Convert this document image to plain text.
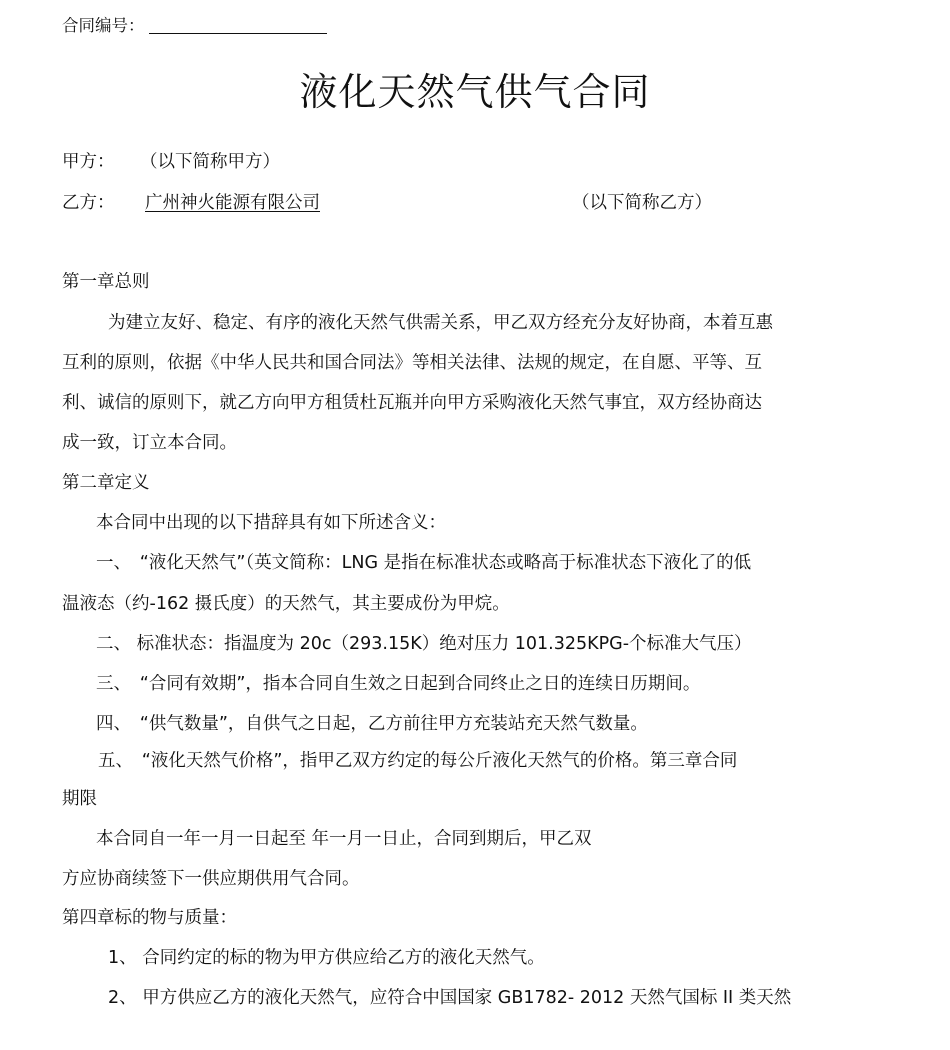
合同编号：
液化天然气供气合同
甲方： （以下简称甲方）
乙方： 广州神火能源有限公司	（以下简称乙方）
第一章总则
为建立友好、稳定、有序的液化天然气供需关系，甲乙双方经充分友好协商，本着互惠
互利的原则，依据《中华人民共和国合同法》等相关法律、法规的规定，在自愿、平等、互
利、诚信的原则下，就乙方向甲方租赁杜瓦瓶并向甲方采购液化天然气事宜，双方经协商达
成一致，订立本合同。
第二章定义
本合同中出现的以下措辞具有如下所述含义：
一、　“液化天然气”（英文简称：LNG 是指在标准状态或略高于标准状态下液化了的低
温液态（约-162 摄氏度）的天然气，其主要成份为甲烷。
二、 标准状态：指温度为 20c（293.15K）绝对压力 101.325KPG-个标准大气压）
三、　“合同有效期”，指本合同自生效之日起到合同终止之日的连续日历期间。
四、　“供气数量”，自供气之日起，乙方前往甲方充装站充天然气数量。
五、　“液化天然气价格”，指甲乙双方约定的每公斤液化天然气的价格。第三章合同
期限
本合同自一年一月一日起至 年一月一日止，合同到期后，甲乙双
方应协商续签下一供应期供用气合同。
第四章标的物与质量：
1、 合同约定的标的物为甲方供应给乙方的液化天然气。
2、 甲方供应乙方的液化天然气，应符合中国国家 GB1782- 2012 天然气国标 II 类天然
